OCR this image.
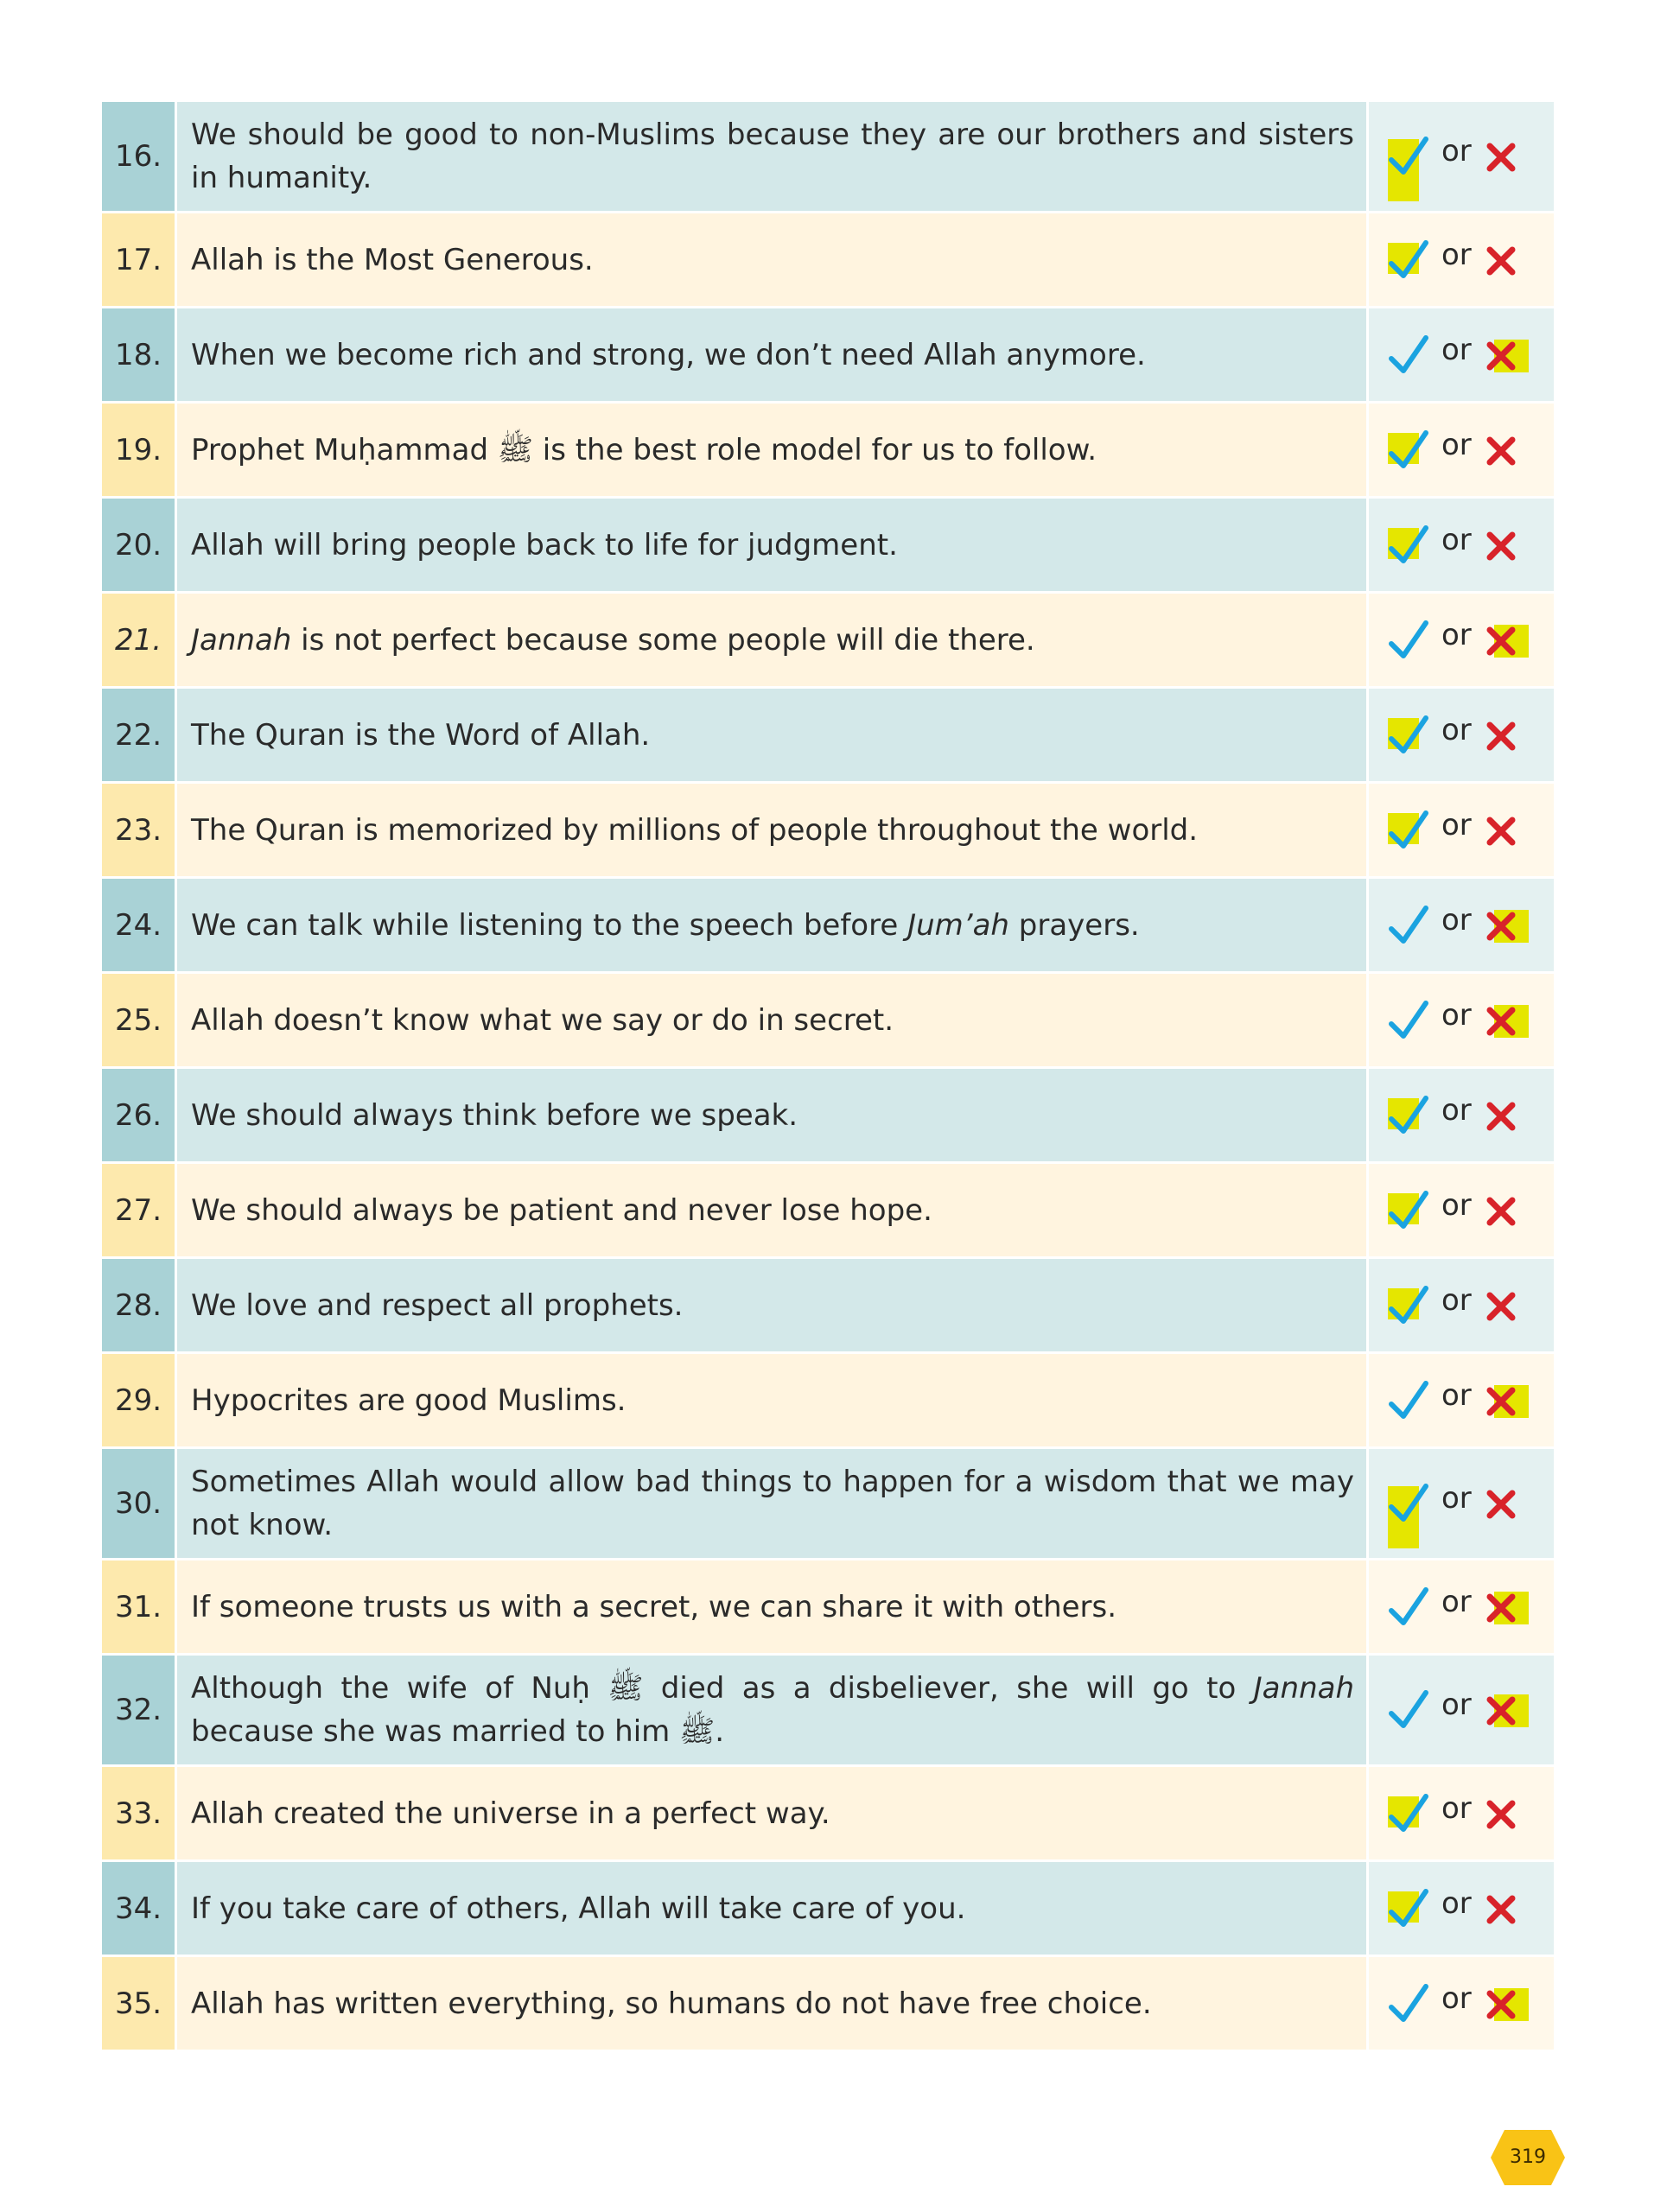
16.	We should be good to non-Muslims because they are our brothers and sisters in humanity.	or

17.	Allah is the Most Generous.	or

18.	When we become rich and strong, we don’t need Allah anymore.	or

19.	Prophet Muḥammad ﷺ is the best role model for us to follow.	or

20.	Allah will bring people back to life for judgment.	or

21.	Jannah is not perfect because some people will die there.	or

22.	The Quran is the Word of Allah.	or

23.	The Quran is memorized by millions of people throughout the world.	or

24.	We can talk while listening to the speech before Jum’ah prayers.	or

25.	Allah doesn’t know what we say or do in secret.	or

26.	We should always think before we speak.	or

27.	We should always be patient and never lose hope.	or

28.	We love and respect all prophets.	or

29.	Hypocrites are good Muslims.	or

30.	Sometimes Allah would allow bad things to happen for a wisdom that we may not know.	or

31.	If someone trusts us with a secret, we can share it with others.	or

32.	Although the wife of Nuḥ ﷺ died as a disbeliever, she will go to Jannah because she was married to him ﷺ.	or

33.	Allah created the universe in a perfect way.	or

34.	If you take care of others, Allah will take care of you.	or

35.	Allah has written everything, so humans do not have free choice.	or
319
